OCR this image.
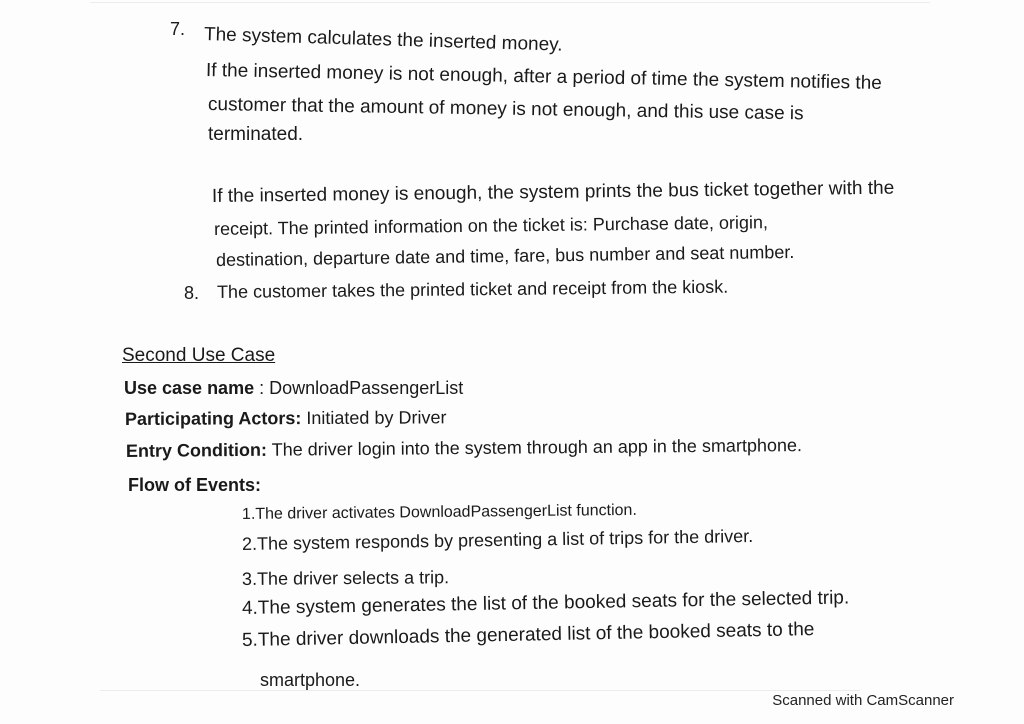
7. The system calculates the inserted money.
If the inserted money is not enough, after a period of time the system notifies the
customer that the amount of money is not enough, and this use case is
terminated.
If the inserted money is enough, the system prints the bus ticket together with the
receipt. The printed information on the ticket is: Purchase date, origin,
destination, departure date and time, fare, bus number and seat number.
8. The customer takes the printed ticket and receipt from the kiosk.
Second Use Case
Use case name : DownloadPassengerList
Participating Actors: Initiated by Driver
Entry Condition: The driver login into the system through an app in the smartphone.
Flow of Events:
1.The driver activates DownloadPassengerList function.
2.The system responds by presenting a list of trips for the driver.
3.The driver selects a trip.
4.The system generates the list of the booked seats for the selected trip.
5.The driver downloads the generated list of the booked seats to the
smartphone.
Scanned with CamScanner
